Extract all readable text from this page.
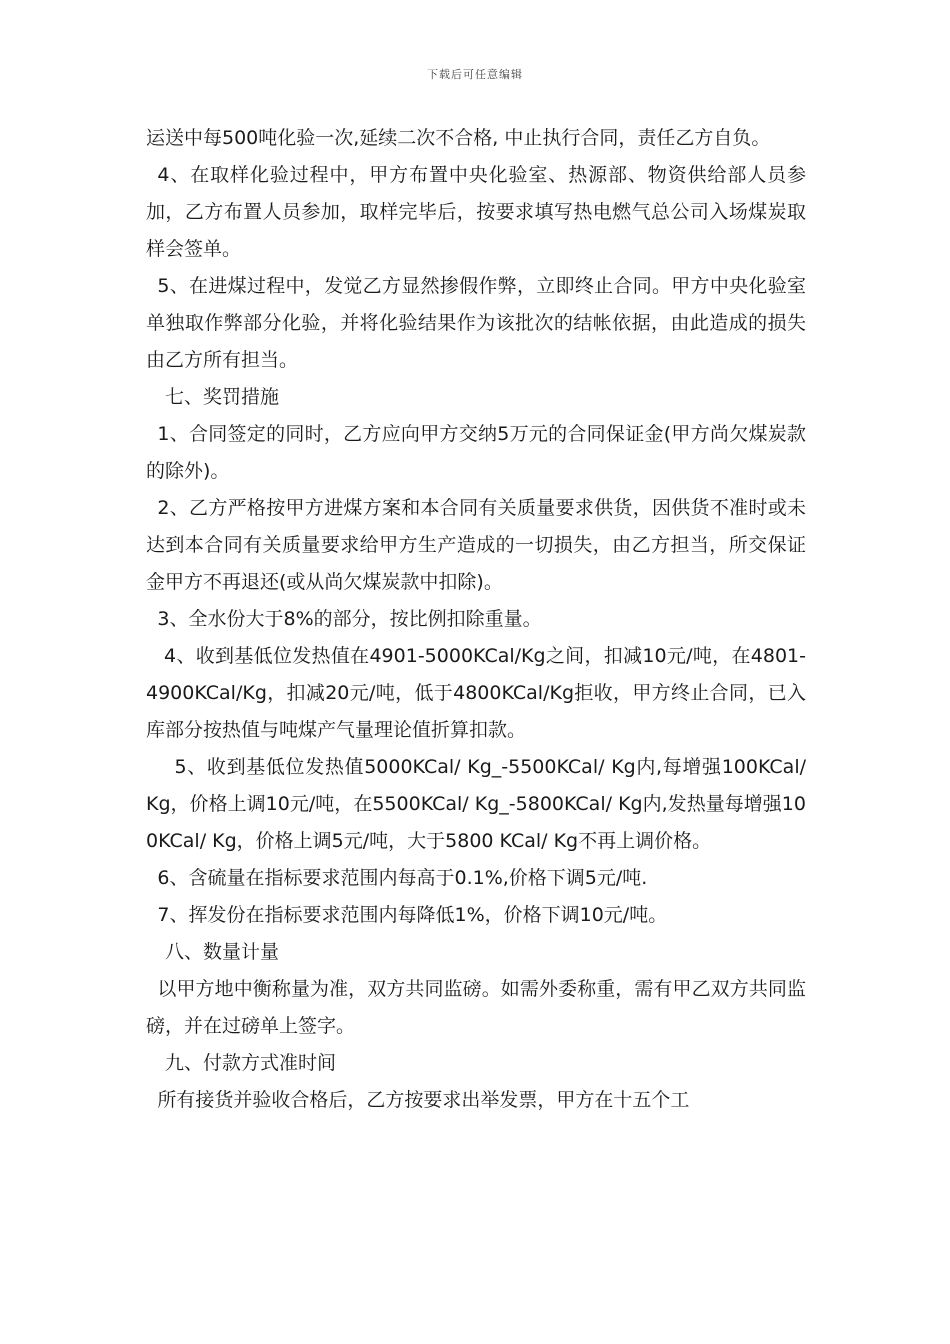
下载后可任意编辑

运送中每500吨化验一次,延续二次不合格, 中止执行合同，责任乙方自负。

4、在取样化验过程中，甲方布置中央化验室、热源部、物资供给部人员参加，乙方布置人员参加，取样完毕后，按要求填写热电燃气总公司入场煤炭取样会签单。

5、在进煤过程中，发觉乙方显然掺假作弊，立即终止合同。甲方中央化验室单独取作弊部分化验，并将化验结果作为该批次的结帐依据，由此造成的损失由乙方所有担当。

七、奖罚措施

1、合同签定的同时，乙方应向甲方交纳5万元的合同保证金(甲方尚欠煤炭款的除外)。

2、乙方严格按甲方进煤方案和本合同有关质量要求供货，因供货不准时或未达到本合同有关质量要求给甲方生产造成的一切损失，由乙方担当，所交保证金甲方不再退还(或从尚欠煤炭款中扣除)。

3、全水份大于8%的部分，按比例扣除重量。

4、收到基低位发热值在4901-5000KCal/Kg之间，扣减10元/吨，在4801-4900KCal/Kg，扣减20元/吨，低于4800KCal/Kg拒收，甲方终止合同，已入库部分按热值与吨煤产气量理论值折算扣款。

5、收到基低位发热值5000KCal/ Kg_-5500KCal/ Kg内,每增强100KCal/Kg，价格上调10元/吨，在5500KCal/ Kg_-5800KCal/ Kg内,发热量每增强100KCal/ Kg，价格上调5元/吨，大于5800 KCal/ Kg不再上调价格。

6、含硫量在指标要求范围内每高于0.1%,价格下调5元/吨.

7、挥发份在指标要求范围内每降低1%，价格下调10元/吨。

八、数量计量

以甲方地中衡称量为准，双方共同监磅。如需外委称重，需有甲乙双方共同监磅，并在过磅单上签字。

九、付款方式准时间

所有接货并验收合格后，乙方按要求出举发票，甲方在十五个工
